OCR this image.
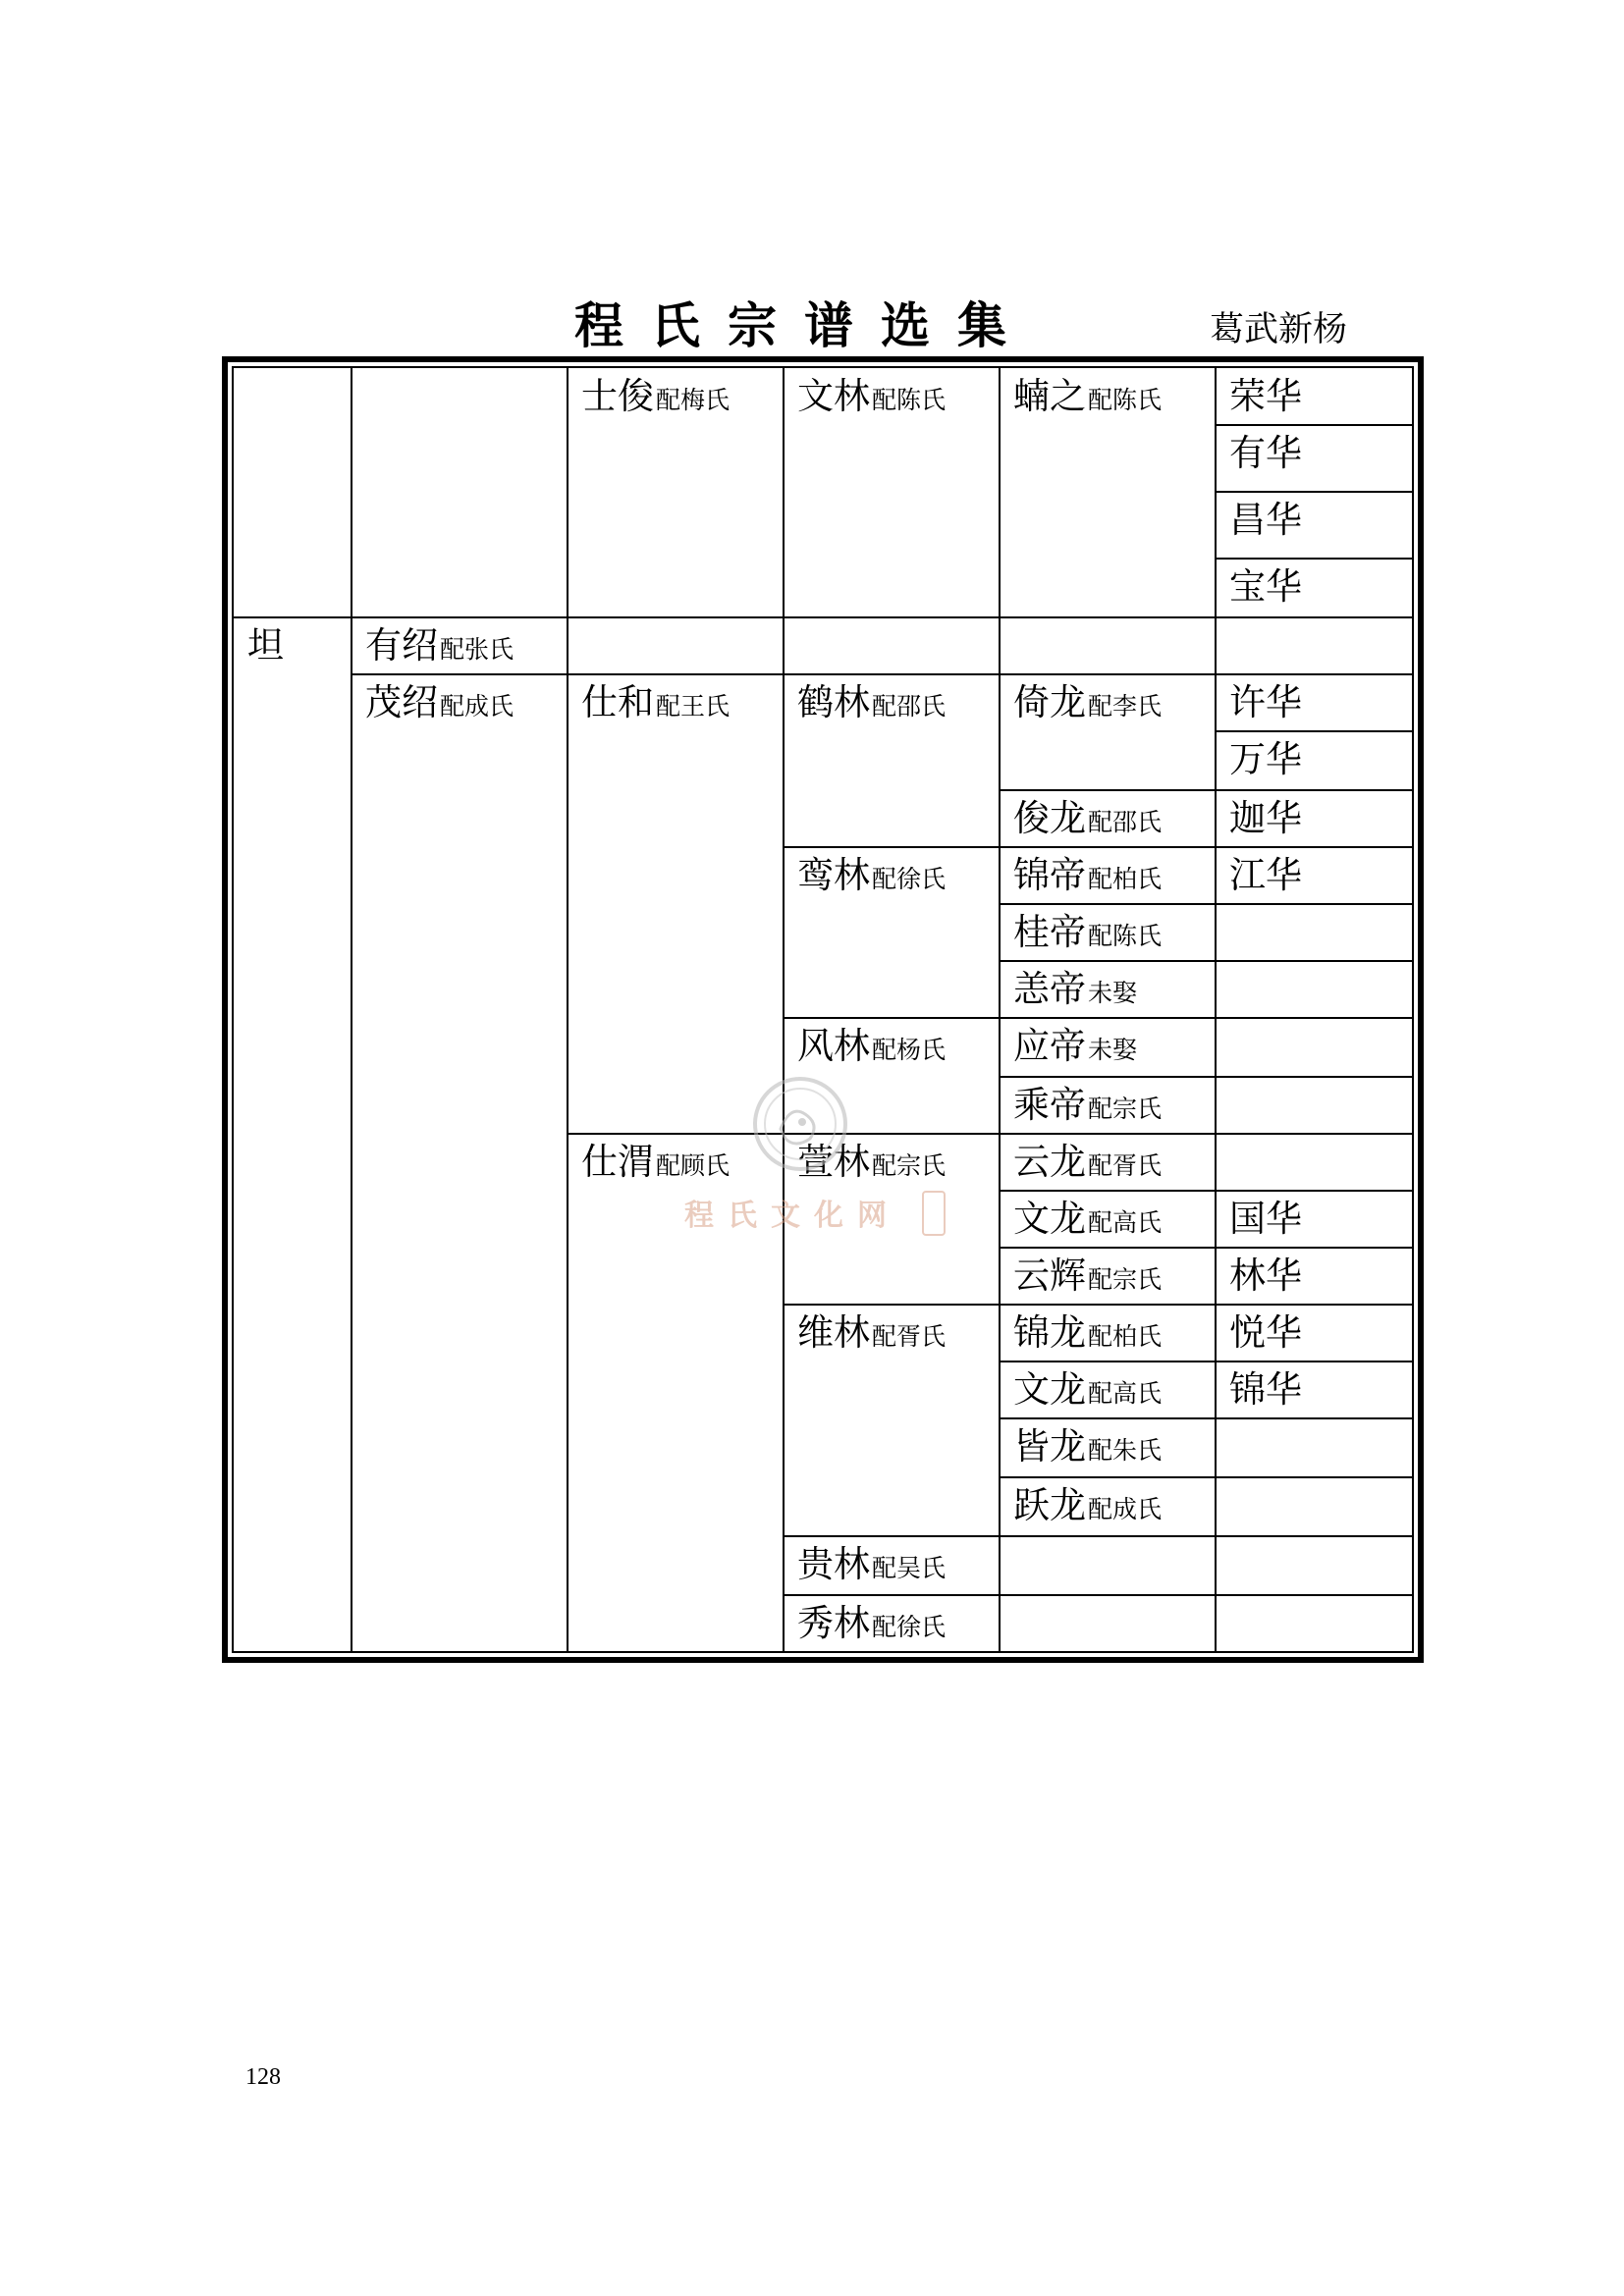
程氏宗谱选集	葛武新杨
士俊配梅氏 文林配陈氏 蝻之配陈氏 荣华
有华
昌华
宝华
坦 有绍配张氏
茂绍配成氏 仕和配王氏 鹤林配邵氏 倚龙配李氏 许华
万华
俊龙配邵氏 迦华
鸾林配徐氏 锦帝配柏氏 江华
桂帝配陈氏
恙帝未娶
风林配杨氏 应帝未娶
乘帝配宗氏
仕渭配顾氏 萱林配宗氏 云龙配胥氏
文龙配高氏 国华
云辉配宗氏 林华
维林配胥氏 锦龙配柏氏 悦华
文龙配高氏 锦华
皆龙配朱氏
跃龙配成氏
贵林配吴氏
秀林配徐氏
程氏文化网
128
